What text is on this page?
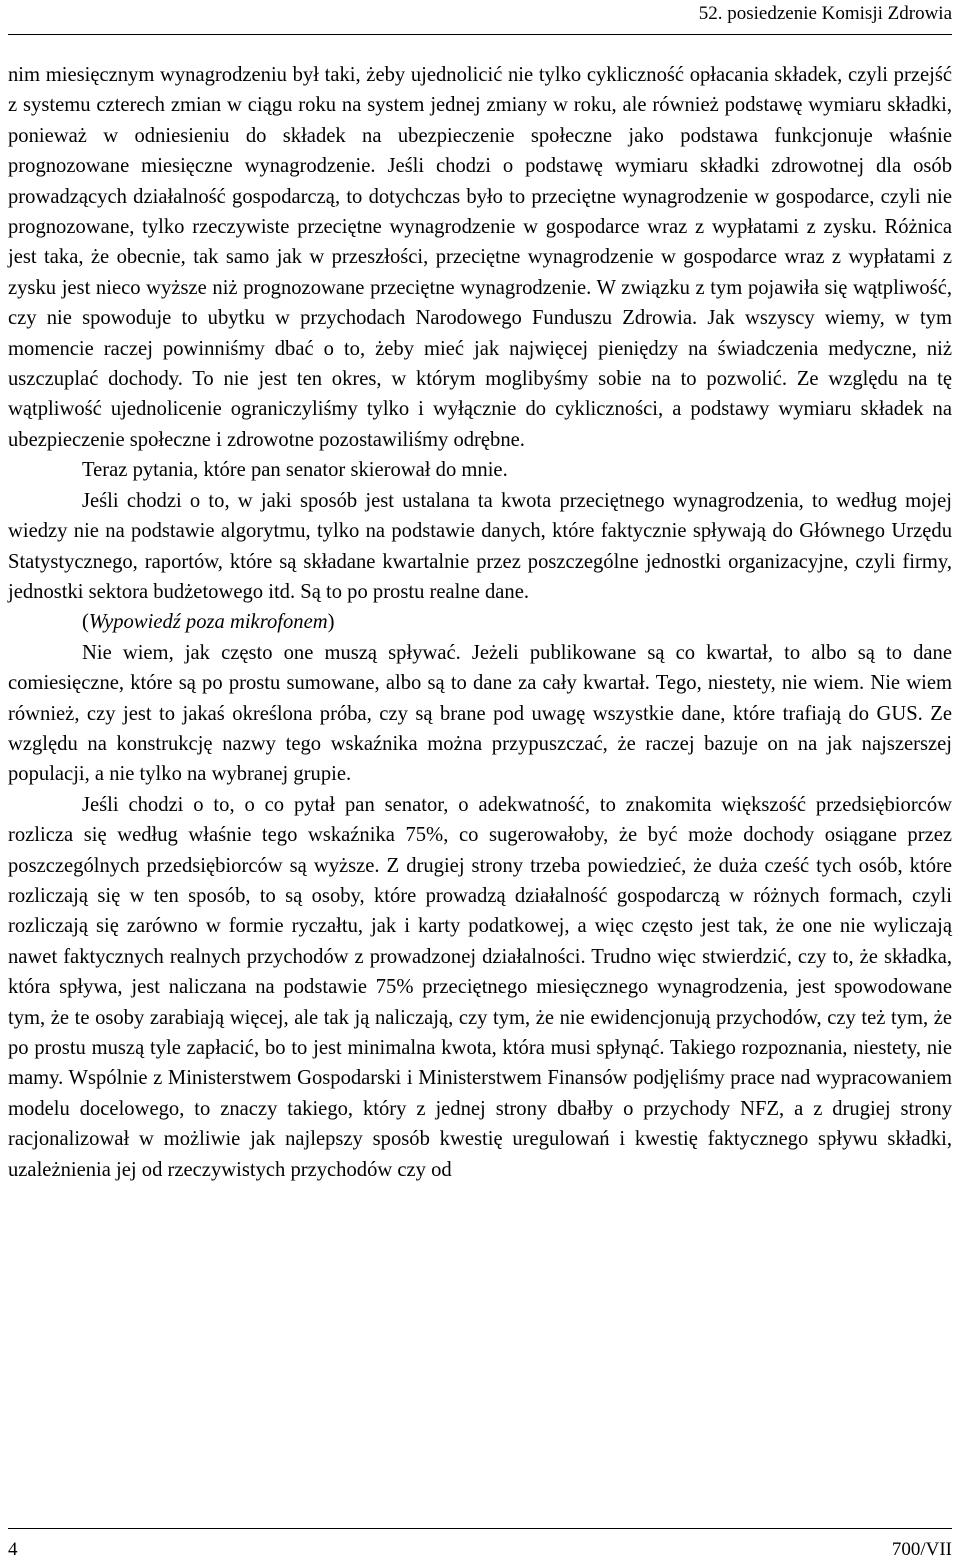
52. posiedzenie Komisji Zdrowia

nim miesięcznym wynagrodzeniu był taki, żeby ujednolicić nie tylko cykliczność opłacania składek, czyli przejść z systemu czterech zmian w ciągu roku na system jednej zmiany w roku, ale również podstawę wymiaru składki, ponieważ w odniesieniu do składek na ubezpieczenie społeczne jako podstawa funkcjonuje właśnie prognozowane miesięczne wynagrodzenie. Jeśli chodzi o podstawę wymiaru składki zdrowotnej dla osób prowadzących działalność gospodarczą, to dotychczas było to przeciętne wynagrodzenie w gospodarce, czyli nie prognozowane, tylko rzeczywiste przeciętne wynagrodzenie w gospodarce wraz z wypłatami z zysku. Różnica jest taka, że obecnie, tak samo jak w przeszłości, przeciętne wynagrodzenie w gospodarce wraz z wypłatami z zysku jest nieco wyższe niż prognozowane przeciętne wynagrodzenie. W związku z tym pojawiła się wątpliwość, czy nie spowoduje to ubytku w przychodach Narodowego Funduszu Zdrowia. Jak wszyscy wiemy, w tym momencie raczej powinniśmy dbać o to, żeby mieć jak najwięcej pieniędzy na świadczenia medyczne, niż uszczuplać dochody. To nie jest ten okres, w którym moglibyśmy sobie na to pozwolić. Ze względu na tę wątpliwość ujednolicenie ograniczyliśmy tylko i wyłącznie do cykliczności, a podstawy wymiaru składek na ubezpieczenie społeczne i zdrowotne pozostawiliśmy odrębne.

Teraz pytania, które pan senator skierował do mnie.

Jeśli chodzi o to, w jaki sposób jest ustalana ta kwota przeciętnego wynagrodzenia, to według mojej wiedzy nie na podstawie algorytmu, tylko na podstawie danych, które faktycznie spływają do Głównego Urzędu Statystycznego, raportów, które są składane kwartalnie przez poszczególne jednostki organizacyjne, czyli firmy, jednostki sektora budżetowego itd. Są to po prostu realne dane.

(Wypowiedź poza mikrofonem)

Nie wiem, jak często one muszą spływać. Jeżeli publikowane są co kwartał, to albo są to dane comiesięczne, które są po prostu sumowane, albo są to dane za cały kwartał. Tego, niestety, nie wiem. Nie wiem również, czy jest to jakaś określona próba, czy są brane pod uwagę wszystkie dane, które trafiają do GUS. Ze względu na konstrukcję nazwy tego wskaźnika można przypuszczać, że raczej bazuje on na jak najszerszej populacji, a nie tylko na wybranej grupie.

Jeśli chodzi o to, o co pytał pan senator, o adekwatność, to znakomita większość przedsiębiorców rozlicza się według właśnie tego wskaźnika 75%, co sugerowałoby, że być może dochody osiągane przez poszczególnych przedsiębiorców są wyższe. Z drugiej strony trzeba powiedzieć, że duża cześć tych osób, które rozliczają się w ten sposób, to są osoby, które prowadzą działalność gospodarczą w różnych formach, czyli rozliczają się zarówno w formie ryczałtu, jak i karty podatkowej, a więc często jest tak, że one nie wyliczają nawet faktycznych realnych przychodów z prowadzonej działalności. Trudno więc stwierdzić, czy to, że składka, która spływa, jest naliczana na podstawie 75% przeciętnego miesięcznego wynagrodzenia, jest spowodowane tym, że te osoby zarabiają więcej, ale tak ją naliczają, czy tym, że nie ewidencjonują przychodów, czy też tym, że po prostu muszą tyle zapłacić, bo to jest minimalna kwota, która musi spłynąć. Takiego rozpoznania, niestety, nie mamy. Wspólnie z Ministerstwem Gospodarski i Ministerstwem Finansów podjęliśmy prace nad wypracowaniem modelu docelowego, to znaczy takiego, który z jednej strony dbałby o przychody NFZ, a z drugiej strony racjonalizował w możliwie jak najlepszy sposób kwestię uregulowań i kwestię faktycznego spływu składki, uzależnienia jej od rzeczywistych przychodów czy od

4	700/VII
